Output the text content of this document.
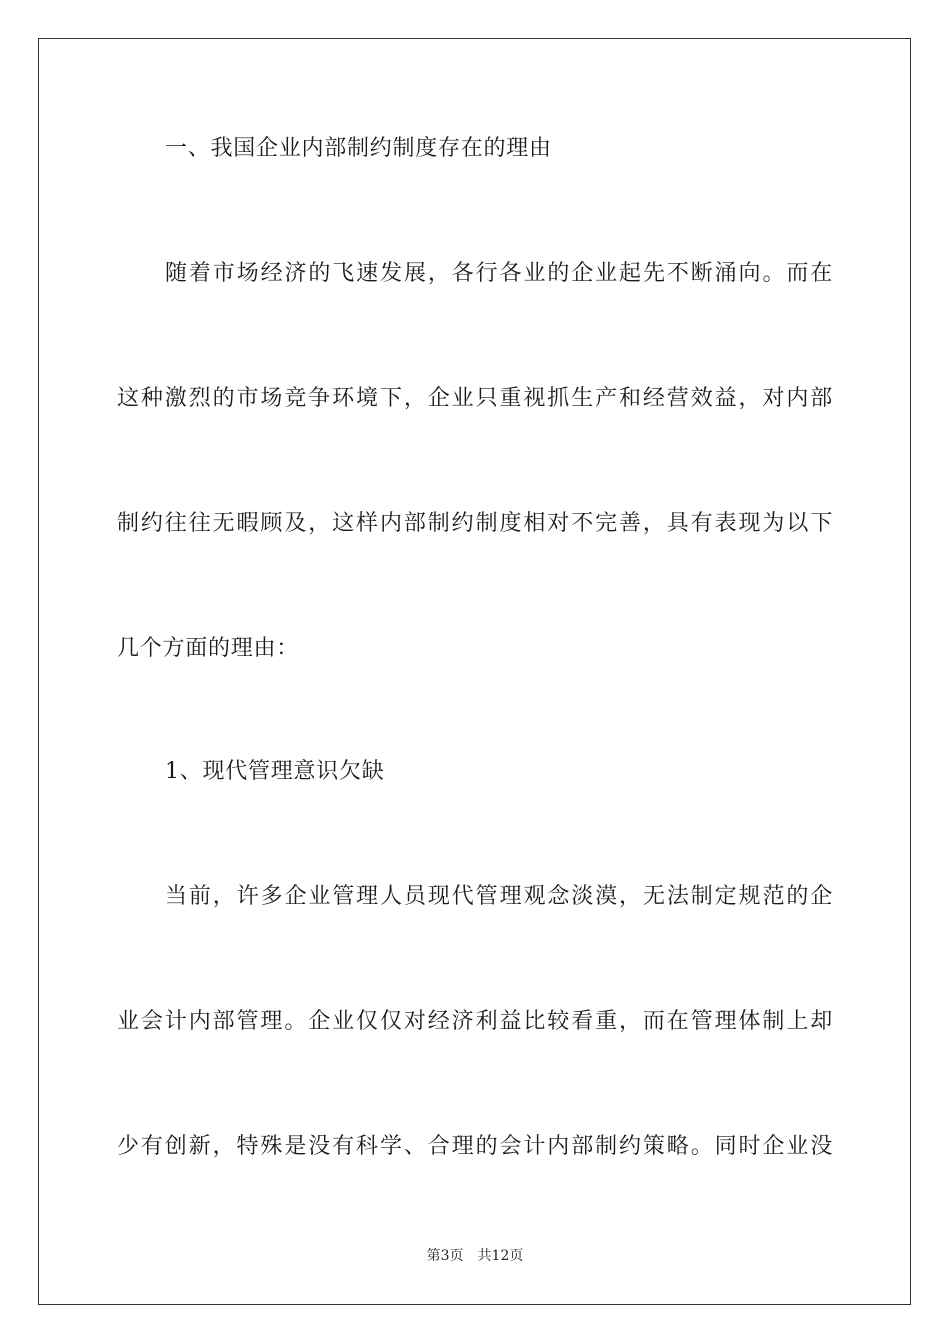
一、我国企业内部制约制度存在的理由
随着市场经济的飞速发展，各行各业的企业起先不断涌向。而在
这种激烈的市场竞争环境下，企业只重视抓生产和经营效益，对内部
制约往往无暇顾及，这样内部制约制度相对不完善，具有表现为以下
几个方面的理由：
1、现代管理意识欠缺
当前，许多企业管理人员现代管理观念淡漠，无法制定规范的企
业会计内部管理。企业仅仅对经济利益比较看重，而在管理体制上却
少有创新，特殊是没有科学、合理的会计内部制约策略。同时企业没
第3页　共12页
